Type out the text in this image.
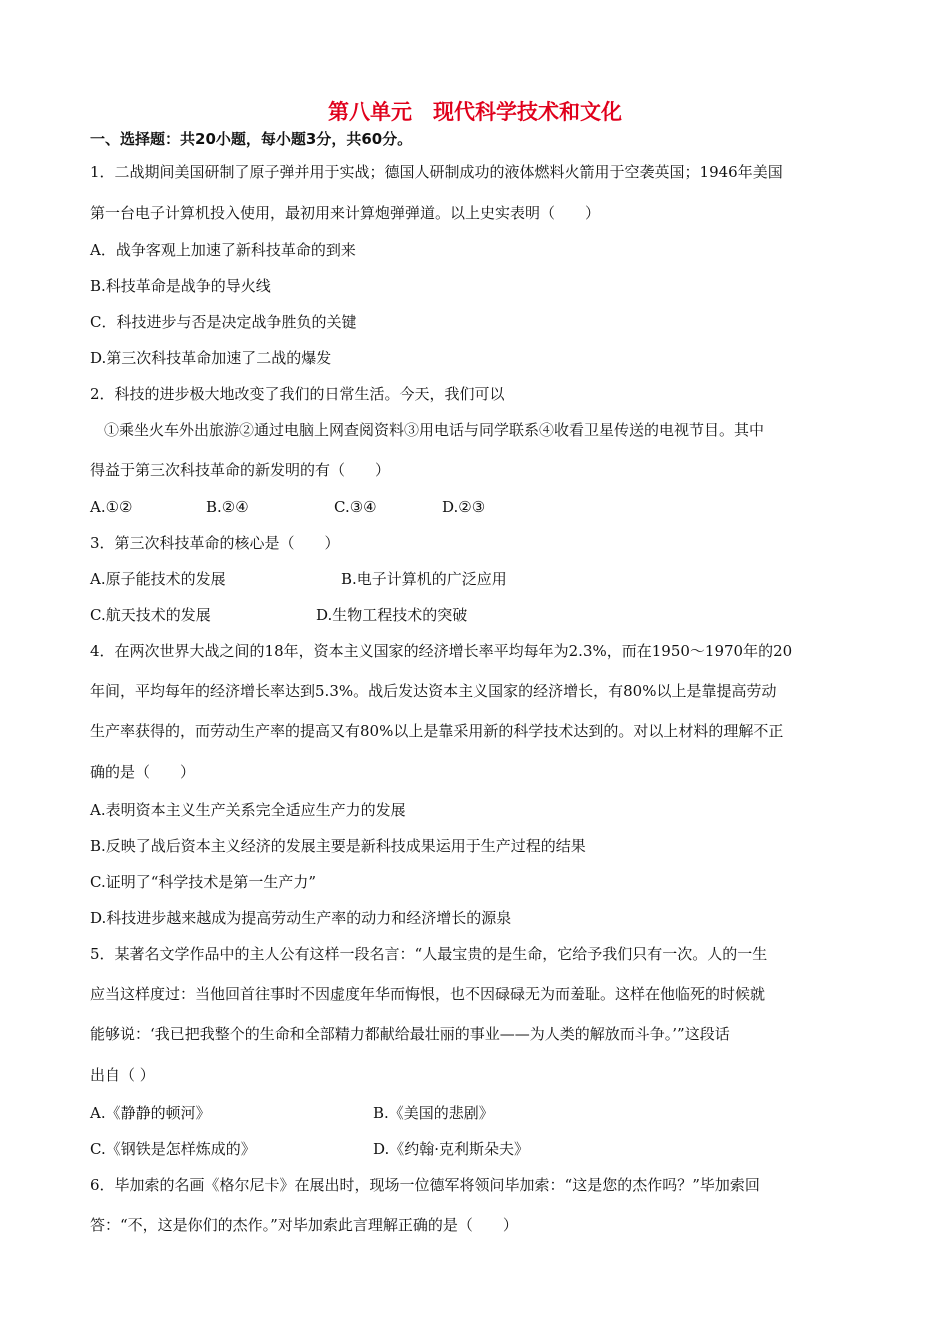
第八单元　现代科学技术和文化
一、选择题：共20小题，每小题3分，共60分。
1．二战期间美国研制了原子弹并用于实战；德国人研制成功的液体燃料火箭用于空袭英国；1946年美国
第一台电子计算机投入使用，最初用来计算炮弹弹道。以上史实表明（　　）
A．战争客观上加速了新科技革命的到来
B.科技革命是战争的导火线
C．科技进步与否是决定战争胜负的关键
D.第三次科技革命加速了二战的爆发
2．科技的进步极大地改变了我们的日常生活。今天，我们可以
①乘坐火车外出旅游②通过电脑上网查阅资料③用电话与同学联系④收看卫星传送的电视节目。其中
得益于第三次科技革命的新发明的有（　　）
A.①②	B.②④	C.③④	D.②③
3．第三次科技革命的核心是（　　）
A.原子能技术的发展	B.电子计算机的广泛应用
C.航天技术的发展	D.生物工程技术的突破
4．在两次世界大战之间的18年，资本主义国家的经济增长率平均每年为2.3%，而在1950～1970年的20
年间，平均每年的经济增长率达到5.3%。战后发达资本主义国家的经济增长，有80%以上是靠提高劳动
生产率获得的，而劳动生产率的提高又有80%以上是靠采用新的科学技术达到的。对以上材料的理解不正
确的是（　　）
A.表明资本主义生产关系完全适应生产力的发展
B.反映了战后资本主义经济的发展主要是新科技成果运用于生产过程的结果
C.证明了“科学技术是第一生产力”
D.科技进步越来越成为提高劳动生产率的动力和经济增长的源泉
5．某著名文学作品中的主人公有这样一段名言：“人最宝贵的是生命，它给予我们只有一次。人的一生
应当这样度过：当他回首往事时不因虚度年华而悔恨，也不因碌碌无为而羞耻。这样在他临死的时候就
能够说：‘我已把我整个的生命和全部精力都献给最壮丽的事业——为人类的解放而斗争。’”这段话
出自（ ）
A.《静静的顿河》	B.《美国的悲剧》
C.《钢铁是怎样炼成的》	D.《约翰·克利斯朵夫》
6．毕加索的名画《格尔尼卡》在展出时，现场一位德军将领问毕加索：“这是您的杰作吗？”毕加索回
答：“不，这是你们的杰作。”对毕加索此言理解正确的是（　　）
